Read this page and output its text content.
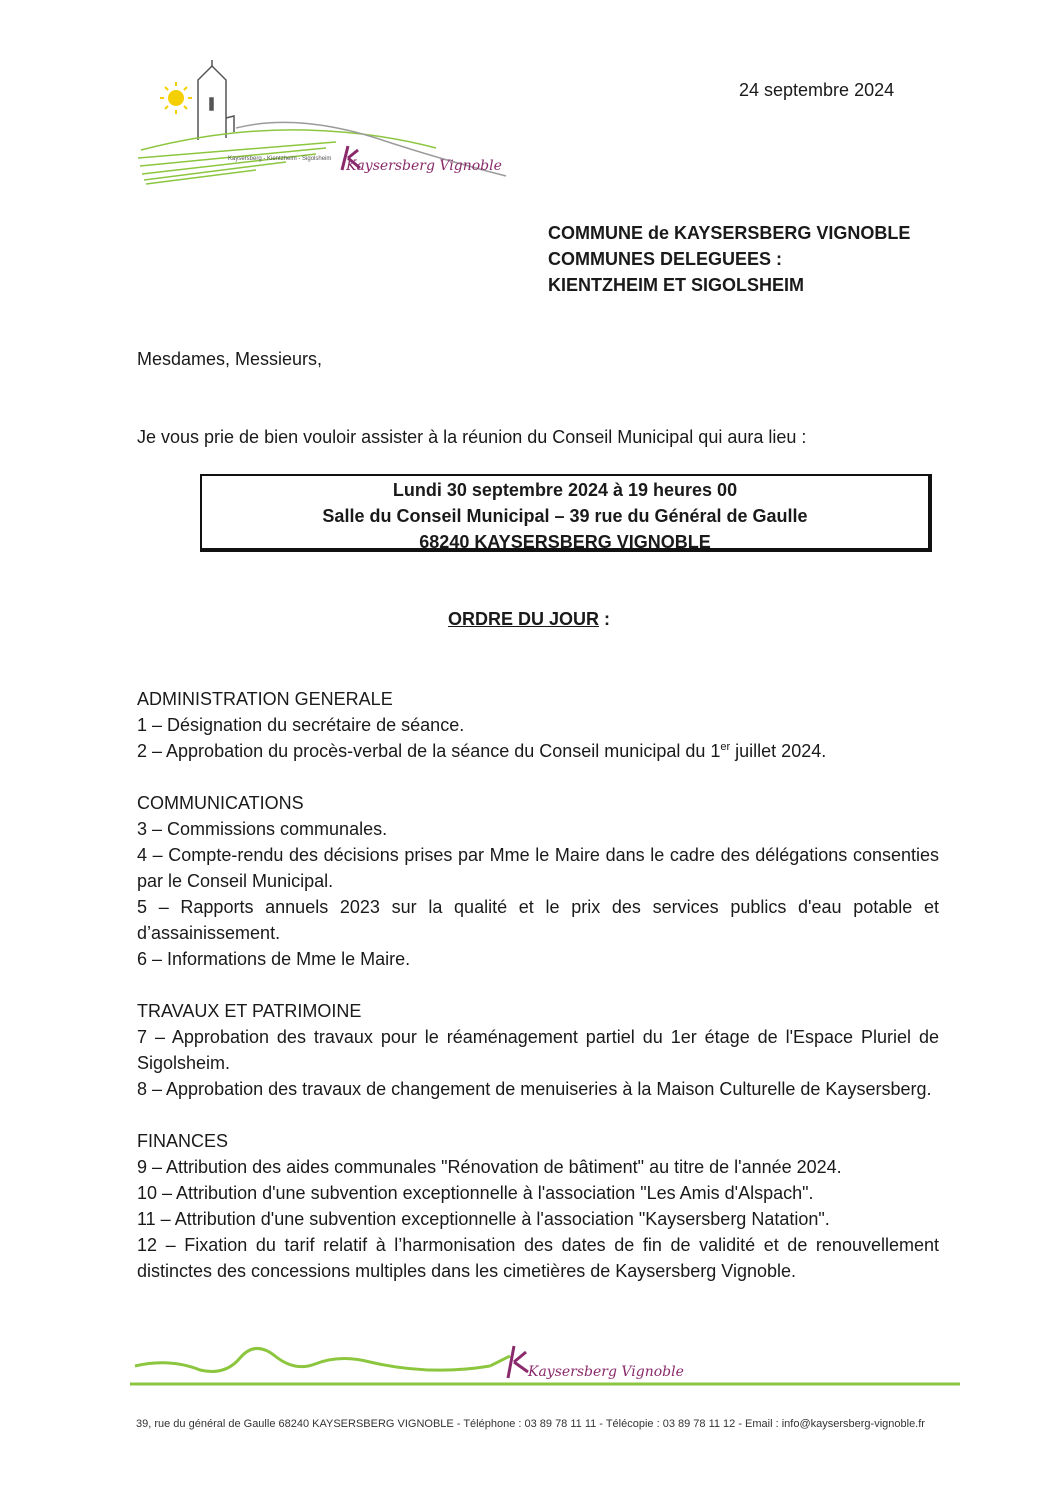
Kaysersberg - Kientzheim - Sigolsheim Kaysersberg Vignoble
24 septembre 2024
COMMUNE de KAYSERSBERG VIGNOBLE
COMMUNES DELEGUEES :
KIENTZHEIM ET SIGOLSHEIM
Mesdames, Messieurs,
Je vous prie de bien vouloir assister à la réunion du Conseil Municipal qui aura lieu :
Lundi 30 septembre 2024 à 19 heures 00
Salle du Conseil Municipal – 39 rue du Général de Gaulle
68240 KAYSERSBERG VIGNOBLE
ORDRE DU JOUR :
ADMINISTRATION GENERALE
1 – Désignation du secrétaire de séance.
2 – Approbation du procès-verbal de la séance du Conseil municipal du 1er juillet 2024.
COMMUNICATIONS
3 – Commissions communales.
4 – Compte-rendu des décisions prises par Mme le Maire dans le cadre des délégations consenties par le Conseil Municipal.
5 – Rapports annuels 2023 sur la qualité et le prix des services publics d'eau potable et d’assainissement.
6 – Informations de Mme le Maire.
TRAVAUX ET PATRIMOINE
7 – Approbation des travaux pour le réaménagement partiel du 1er étage de l'Espace Pluriel de Sigolsheim.
8 – Approbation des travaux de changement de menuiseries à la Maison Culturelle de Kaysersberg.
FINANCES
9 – Attribution des aides communales "Rénovation de bâtiment" au titre de l'année 2024.
10 – Attribution d'une subvention exceptionnelle à l'association "Les Amis d'Alspach".
11 – Attribution d'une subvention exceptionnelle à l'association "Kaysersberg Natation".
12 – Fixation du tarif relatif à l’harmonisation des dates de fin de validité et de renouvellement distinctes des concessions multiples dans les cimetières de Kaysersberg Vignoble.
Kaysersberg Vignoble
39, rue du général de Gaulle 68240 KAYSERSBERG VIGNOBLE - Téléphone : 03 89 78 11 11 - Télécopie : 03 89 78 11 12 - Email : info@kaysersberg-vignoble.fr
